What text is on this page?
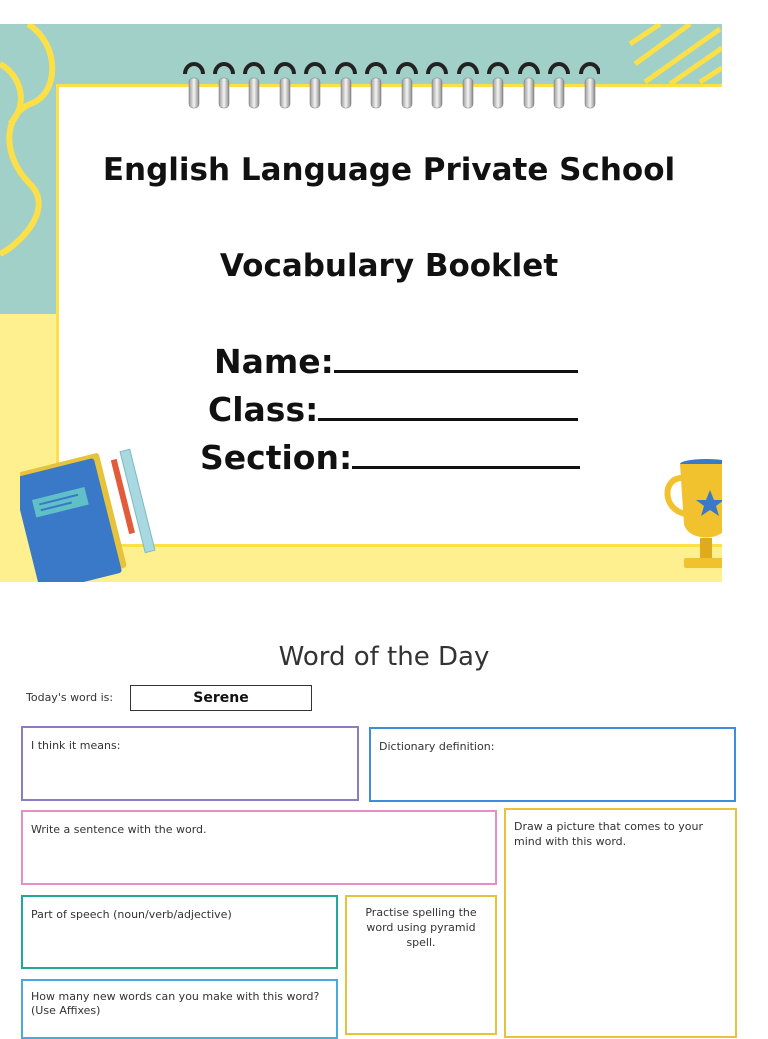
English Language Private School
Vocabulary Booklet
Name:
Class:
Section:
Word of the Day
Today's word is:	Serene
I think it means:	Dictionary definition:
Write a sentence with the word.	Draw a picture that comes to your mind with this word.
Part of speech (noun/verb/adjective)	Practise spelling the word using pyramid spell.
How many new words can you make with this word?
(Use Affixes)
